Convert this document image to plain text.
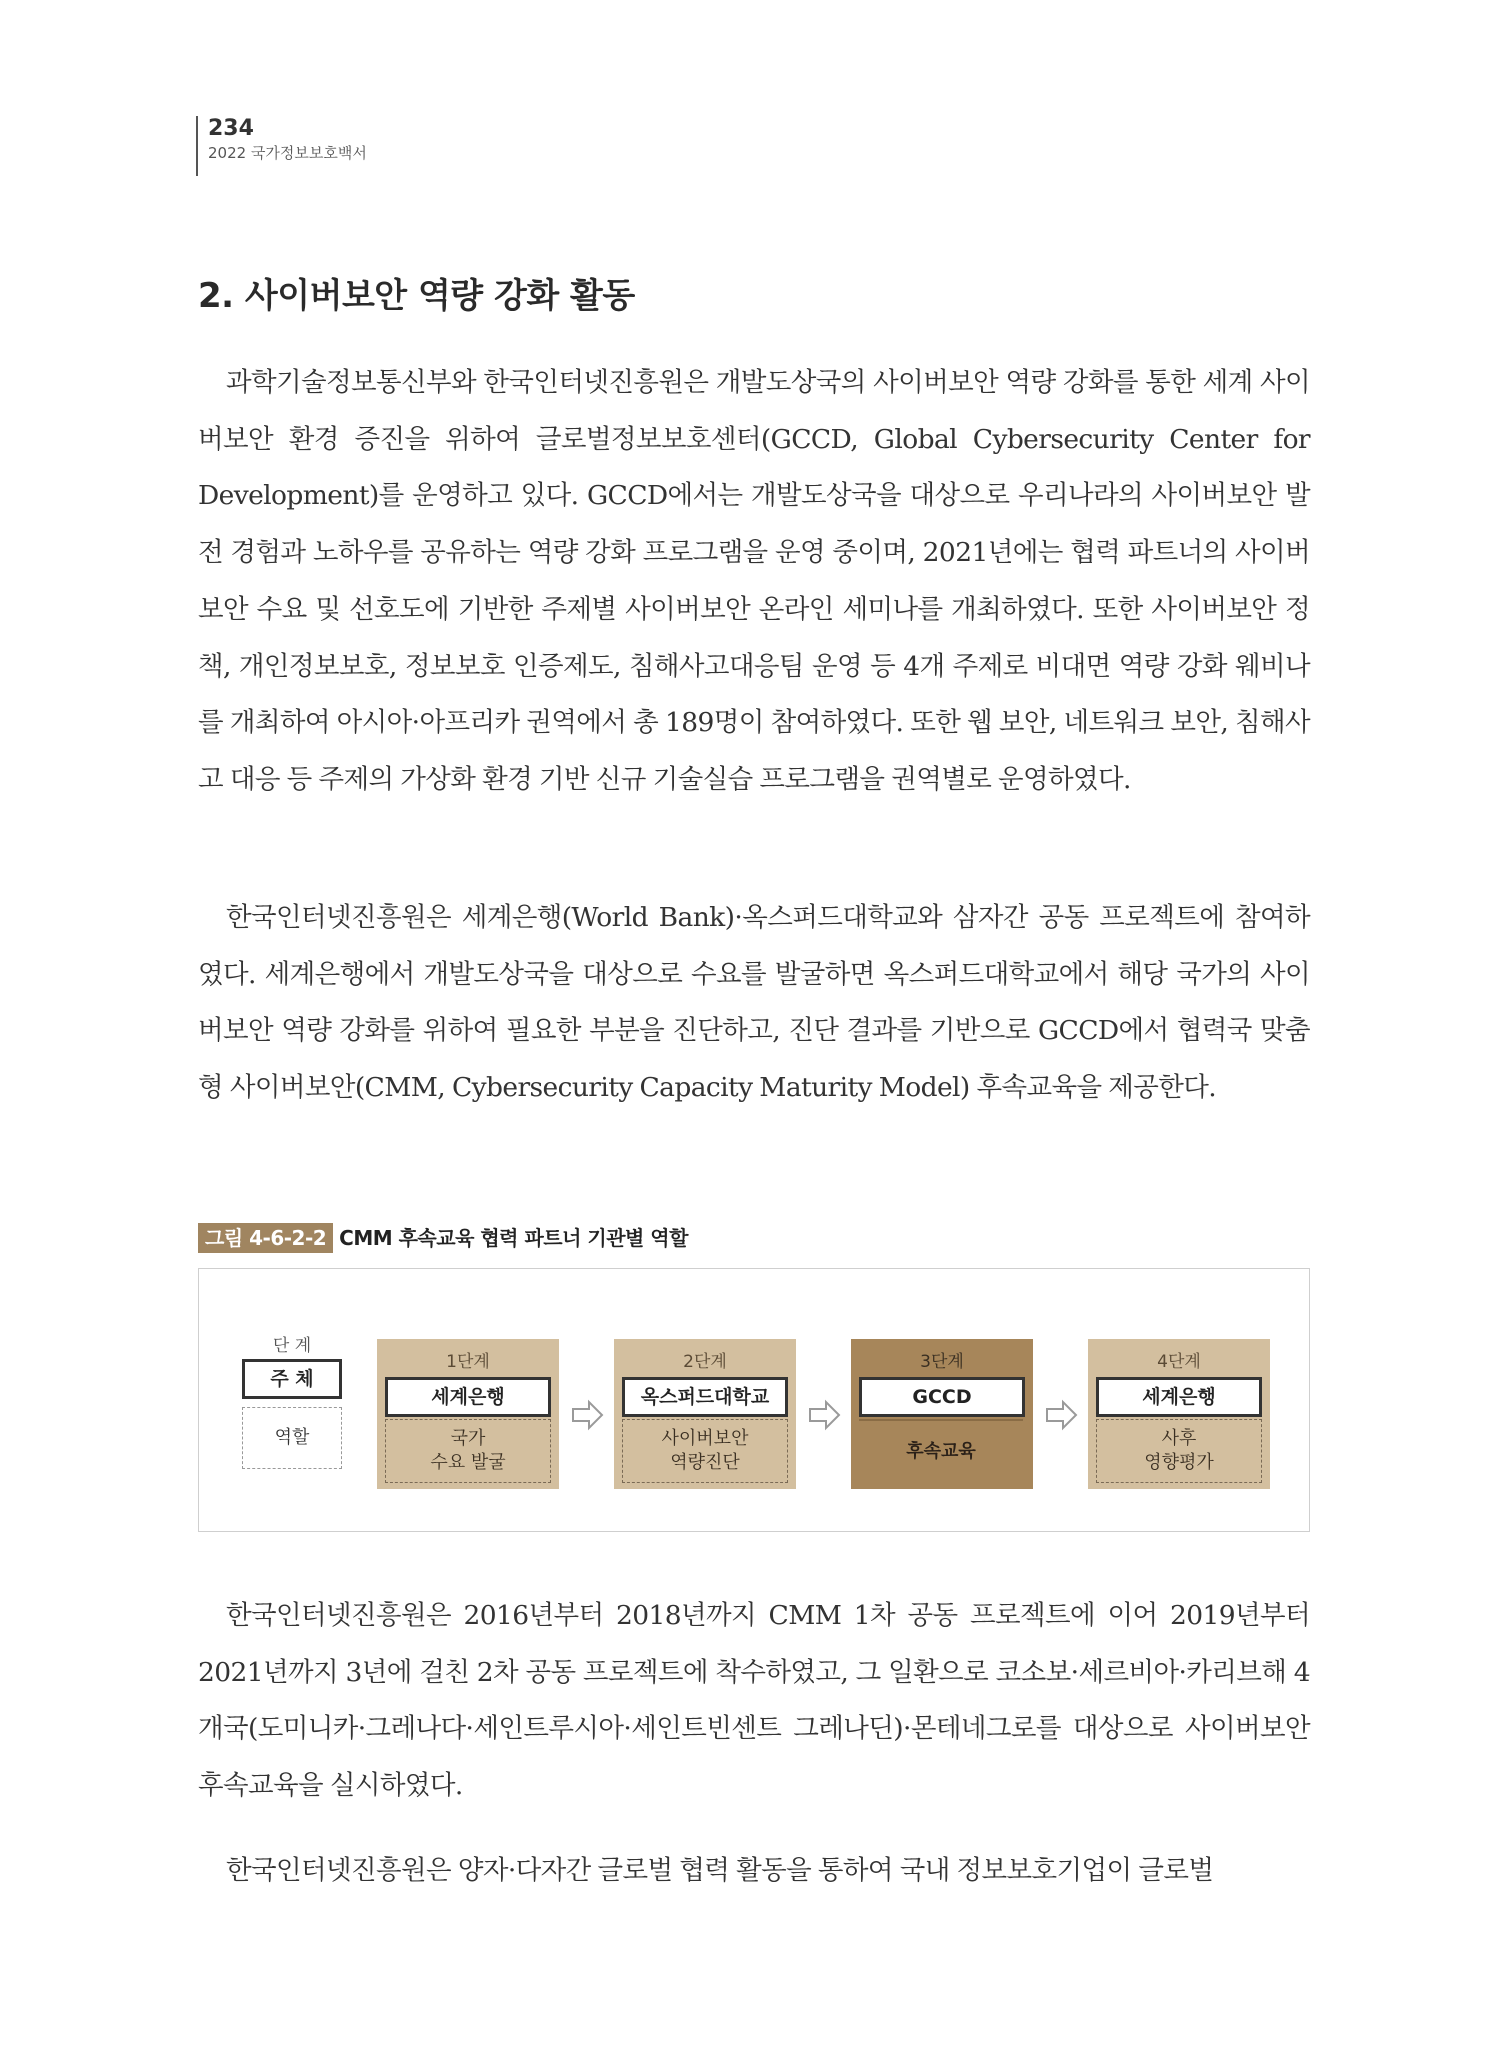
234
2022 국가정보보호백서
2. 사이버보안 역량 강화 활동

과학기술정보통신부와 한국인터넷진흥원은 개발도상국의 사이버보안 역량 강화를 통한 세계 사이버보안 환경 증진을 위하여 글로벌정보보호센터(GCCD, Global Cybersecurity Center for Development)를 운영하고 있다. GCCD에서는 개발도상국을 대상으로 우리나라의 사이버보안 발전 경험과 노하우를 공유하는 역량 강화 프로그램을 운영 중이며, 2021년에는 협력 파트너의 사이버보안 수요 및 선호도에 기반한 주제별 사이버보안 온라인 세미나를 개최하였다. 또한 사이버보안 정책, 개인정보보호, 정보보호 인증제도, 침해사고대응팀 운영 등 4개 주제로 비대면 역량 강화 웨비나를 개최하여 아시아·아프리카 권역에서 총 189명이 참여하였다. 또한 웹 보안, 네트워크 보안, 침해사고 대응 등 주제의 가상화 환경 기반 신규 기술실습 프로그램을 권역별로 운영하였다.

한국인터넷진흥원은 세계은행(World Bank)·옥스퍼드대학교와 삼자간 공동 프로젝트에 참여하였다. 세계은행에서 개발도상국을 대상으로 수요를 발굴하면 옥스퍼드대학교에서 해당 국가의 사이버보안 역량 강화를 위하여 필요한 부분을 진단하고, 진단 결과를 기반으로 GCCD에서 협력국 맞춤형 사이버보안(CMM, Cybersecurity Capacity Maturity Model) 후속교육을 제공한다.

그림 4-6-2-2 CMM 후속교육 협력 파트너 기관별 역할
단 계
주 체
역할
1단계
세계은행
국가
수요 발굴
2단계
옥스퍼드대학교
사이버보안
역량진단
3단계
GCCD
후속교육
4단계
세계은행
사후
영향평가

한국인터넷진흥원은 2016년부터 2018년까지 CMM 1차 공동 프로젝트에 이어 2019년부터 2021년까지 3년에 걸친 2차 공동 프로젝트에 착수하였고, 그 일환으로 코소보·세르비아·카리브해 4개국(도미니카·그레나다·세인트루시아·세인트빈센트 그레나딘)·몬테네그로를 대상으로 사이버보안 후속교육을 실시하였다.

한국인터넷진흥원은 양자·다자간 글로벌 협력 활동을 통하여 국내 정보보호기업이 글로벌
